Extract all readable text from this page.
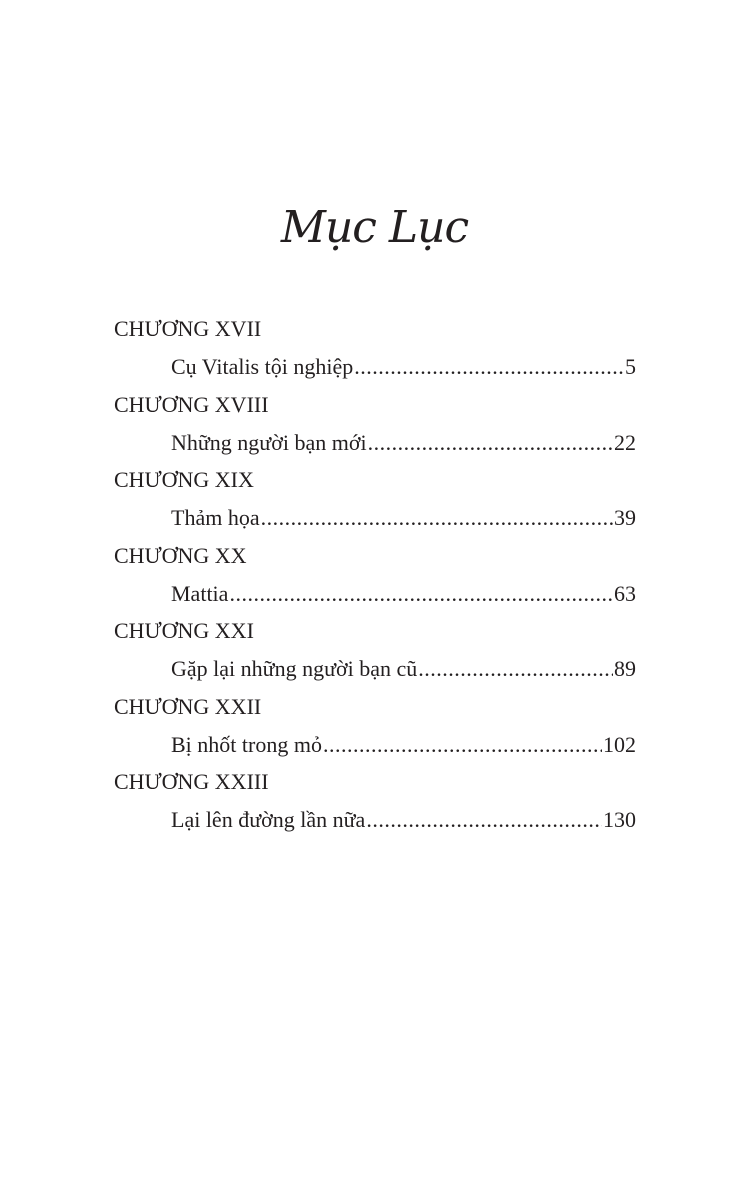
Mục Lục
CHƯƠNG XVII
Cụ Vitalis tội nghiệp .....	5
CHƯƠNG XVIII
Những người bạn mới .....	22
CHƯƠNG XIX
Thảm họa .....	39
CHƯƠNG XX
Mattia .....	63
CHƯƠNG XXI
Gặp lại những người bạn cũ .....	89
CHƯƠNG XXII
Bị nhốt trong mỏ .....	102
CHƯƠNG XXIII
Lại lên đường lần nữa .....	130
